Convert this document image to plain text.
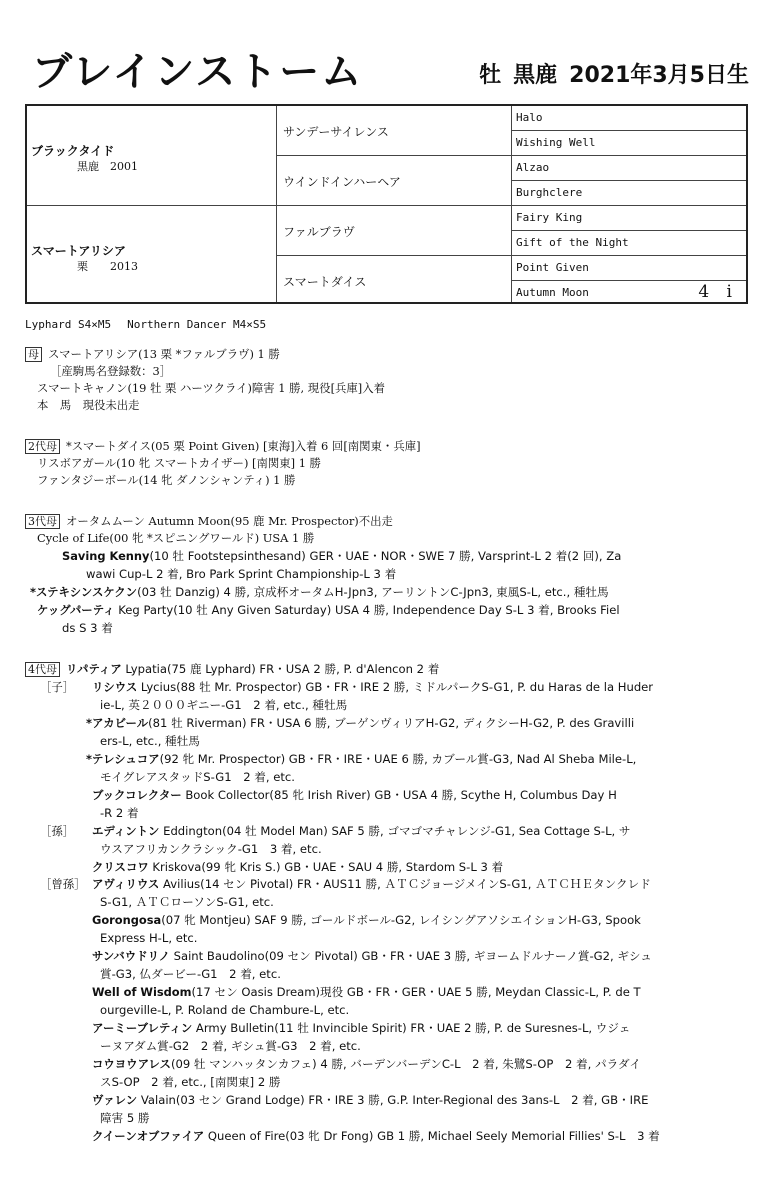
ブレインストーム	牡 黒鹿 2021年3月5日生
ブラックタイド
黒鹿　2001
スマートアリシア
栗　　2013
サンデーサイレンス
ウインドインハーヘア
ファルブラヴ
スマートダイス
Halo
Wishing Well
Alzao
Burghclere
Fairy King
Gift of the Night
Point Given
Autumn Moon	4 i
Lyphard S4×M5 Northern Dancer M4×S5
母 スマートアリシア(13 栗 *ファルブラヴ) 1 勝
［産駒馬名登録数：3］
スマートキャノン(19 牡 栗 ハーツクライ)障害 1 勝, 現役[兵庫]入着
本　馬　現役未出走
2代母 *スマートダイス(05 栗 Point Given) [東海]入着 6 回[南関東・兵庫]
リスボアガール(10 牝 スマートカイザー) [南関東] 1 勝
ファンタジーボール(14 牝 ダノンシャンティ) 1 勝
3代母 オータムムーン Autumn Moon(95 鹿 Mr. Prospector)不出走
Cycle of Life(00 牝 *スピニングワールド) USA 1 勝
Saving Kenny(10 牡 Footstepsinthesand) GER・UAE・NOR・SWE 7 勝, Varsprint-L 2 着(2 回), Za
wawi Cup-L 2 着, Bro Park Sprint Championship-L 3 着
*ステキシンスケクン(03 牡 Danzig) 4 勝, 京成杯オータムH-Jpn3, アーリントンC-Jpn3, 東風S-L, etc., 種牡馬
ケッグパーティ Keg Party(10 牡 Any Given Saturday) USA 4 勝, Independence Day S-L 3 着, Brooks Fiel
ds S 3 着
4代母 リパティア Lypatia(75 鹿 Lyphard) FR・USA 2 勝, P. d'Alencon 2 着
［子］
［孫］
［曾孫］
リシウス Lycius(88 牡 Mr. Prospector) GB・FR・IRE 2 勝, ミドルパークS-G1, P. du Haras de la Huder
ie-L, 英２０００ギニー-G1　2 着, etc., 種牡馬
*アカビール(81 牡 Riverman) FR・USA 6 勝, ブーゲンヴィリアH-G2, ディクシーH-G2, P. des Gravilli
ers-L, etc., 種牡馬
*テレシュコア(92 牝 Mr. Prospector) GB・FR・IRE・UAE 6 勝, カブール賞-G3, Nad Al Sheba Mile-L,
モイグレアスタッドS-G1　2 着, etc.
ブックコレクター Book Collector(85 牝 Irish River) GB・USA 4 勝, Scythe H, Columbus Day H
-R 2 着
エディントン Eddington(04 牡 Model Man) SAF 5 勝, ゴマゴマチャレンジ-G1, Sea Cottage S-L, サ
ウスアフリカンクラシック-G1　3 着, etc.
クリスコワ Kriskova(99 牝 Kris S.) GB・UAE・SAU 4 勝, Stardom S-L 3 着
アヴィリウス Avilius(14 セン Pivotal) FR・AUS11 勝, ＡＴＣジョージメインS-G1, ＡＴＣＨＥタンクレド
S-G1, ＡＴＣローソンS-G1, etc.
Gorongosa(07 牝 Montjeu) SAF 9 勝, ゴールドボール-G2, レイシングアソシエイションH-G3, Spook
Express H-L, etc.
サンバウドリノ Saint Baudolino(09 セン Pivotal) GB・FR・UAE 3 勝, ギヨームドルナーノ賞-G2, ギシュ
賞-G3, 仏ダービー-G1　2 着, etc.
Well of Wisdom(17 セン Oasis Dream)現役 GB・FR・GER・UAE 5 勝, Meydan Classic-L, P. de T
ourgeville-L, P. Roland de Chambure-L, etc.
アーミーブレティン Army Bulletin(11 牡 Invincible Spirit) FR・UAE 2 勝, P. de Suresnes-L, ウジェ
ーヌアダム賞-G2　2 着, ギシュ賞-G3　2 着, etc.
コウヨウアレス(09 牡 マンハッタンカフェ) 4 勝, バーデンバーデンC-L　2 着, 朱鷺S-OP　2 着, パラダイ
スS-OP　2 着, etc., [南関東] 2 勝
ヴァレン Valain(03 セン Grand Lodge) FR・IRE 3 勝, G.P. Inter-Regional des 3ans-L　2 着, GB・IRE
障害 5 勝
クイーンオブファイア Queen of Fire(03 牝 Dr Fong) GB 1 勝, Michael Seely Memorial Fillies' S-L　3 着
